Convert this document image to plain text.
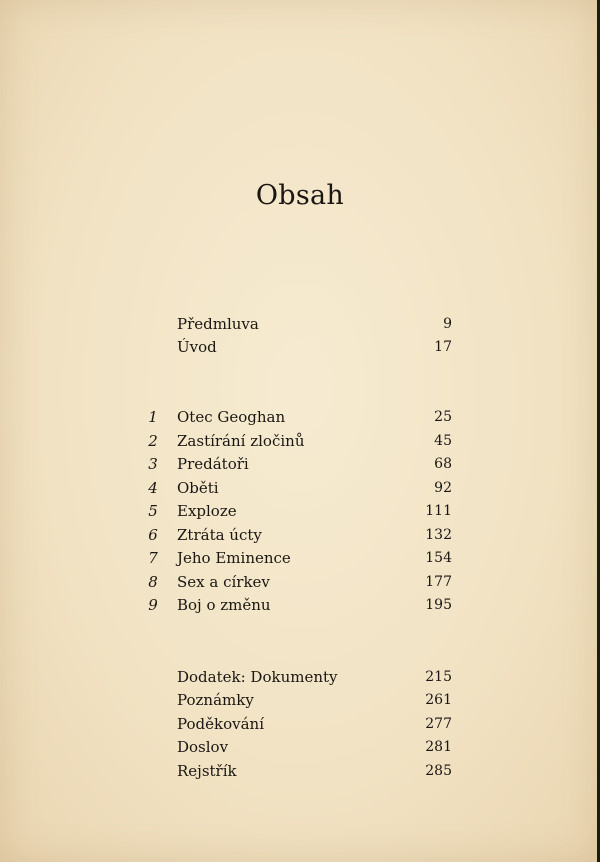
Obsah
Předmluva	9
Úvod	17
1	Otec Geoghan	25
2	Zastírání zločinů	45
3	Predátoři	68
4	Oběti	92
5	Exploze	111
6	Ztráta úcty	132
7	Jeho Eminence	154
8	Sex a církev	177
9	Boj o změnu	195
Dodatek: Dokumenty	215
Poznámky	261
Poděkování	277
Doslov	281
Rejstřík	285
